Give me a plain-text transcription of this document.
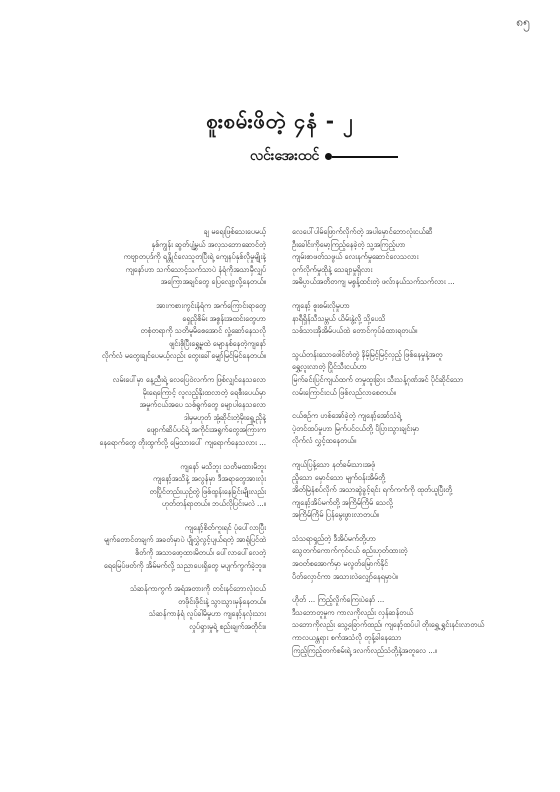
၈၅
စူးစမ်းဖိတဲ့ ၄နံ - ၂
လင်းအေးထင်
ချ မရေးဖြစ်သေးပေမယ့်
နှစ်ကျွန်း ဆွတ်ပျံ့မွှယ် အလှသဘောဆောင်တဲ့
ကဗျာတပုဒ်ကို ရန္တိုင်လေသူတပြီးရဲ့ ကျေနပ်နှစ်လိုမှုမျိုးနဲ့
ကျနော်ဟာ သက်သောင့်သက်သာပဲ နံရံကိုအသာမှီလျှပ်
အကြောအချင်တွေ ပြေလျော့လို့နေတယ်။
အားကစားကွင်းနံရံက အက်ကြောင်းရာတွေ
ရှေညိုစိမ်း အစွန်းအထင်းတွေဟာ
တစုံတရာကို သတိမူမိစေအောင် လှုံ့ဆော်နေသလို
ဖျင်းစိုပြီးရွှေ့မှုထဲ မျောနစ်နေတဲ့ကျနော်
လိုက်လံ မတွေးချင်ပေမယ့်လည်း တွေးခေါ်မျှော်မြင်မြင်နေတယ်။
လမ်းပေါ်မှာ နေ့ညီးရဲ့ လေပြေဝဲလက်က ဖြစ်လျှင်နေသလော
မိုးရေကြောင့် လူလည့်နိုးထလာတဲ့ ရေစီးပေယ်မှာ
အမှုက်ငယ်အပေ သစ်ရွက်တွေ မျောပါနေသလော
ဒါမှမဟုတ် အုံ့ဆိုင်းတဲ့မိုးရွေ့ညိုနဲ့
ဖျောက်ဆိပ်ပင်ရဲ့ အကိုင်းအရွက်တွေအကြားက
နေရောက်တွေ တိုးထွက်လို့ မြေသားပေါ် ကျရောက်နေသလား ...
ကျနော် မသိဘူး သတိမထားမိဘူး
ကျနော့်အသိနဲ့ အလွန်မှာ ဒီအရာတွေအားလုံး
တပြိုင်တည်းယှဉ်တွဲ ဖြစ်ထွန်းနေခြင်းမျိုးလည်း
ဟုတ်တန်ရာတယ်။ ဘယ်လိုပြင်းမလဲ ...။
ကျနော့်စိတ်ကူးရင် ပုံပေါ်လာပြီး
မျက်တောင်တချက် အခတ်မှာပဲ ပျိုလွှဲလွင့်ပျယ်ရတဲ့ အာရုံပြင်ထဲ
စိတ်ကို အသာဖော့ထားမိတယ်၊ ပေါ်လာပေါ်လေတဲ့
ရေမြေပ်ဖတ်ကို အိမ်မက်လို့ သညာပေးရှိတွေ မပျက်ကွက်ခဲ့ဘူး။
သံဆန်ကာကွက် အရံအတားကို တင်းနင်ဘောလုံးငယ်
တဖိုင်းဖိုင်းနဲ့ သွားသွားမှန်နေတယ်။
သံဆန်ကာနံရံ လူပ်ခါမိမှုဟာ ကျနော့်နလုံးသား
လှုပ်ရှားမှုရဲ့ စည်းချက်အတိုင်း။
လေပေါ်ပါမ်ဖြောက်လိုက်တဲ့ အပါမှောင်ဘောလုံးငယ်ဆီ
ဦးခေါင်းကိုမော့ကြည့်နေခဲ့တဲ့ သူ့အကြည့်ဟာ
ကျမ်းစာဖတ်သဖွယ် လေးနက်မှုဆောင်လေသလား
ဝုက်လိုက်မှုထိုနဲ့ သေချာမှုရှိလား
အဓိပ္ပာယ်အတိတကျ မစွန့်ထင်းတဲ့ ဖလ်ာနယ်သက်သက်လား ...
ကျနော့် စူးစမ်းလိုမှုဟာ
နာရီရှိန်သီသမ္ဘယ် ယိမ်းနွဲ့လို့ သို့ပေသိ
သစ်သားအိုအိမ်ပယ်ထဲ တောင်ကုပ်ခံထားရတယ်။
သွယ်တန်းသောဖေါင်တံတွဲ နိမ့်မြင့်မြင့်လှည့် ဖြစ်နေမှုနဲ့အတူ
ရွှေ့လူးလာတဲ့ ပြိုင်သီးငယ်ဟာ
မြက်ခင်းပြင်ကျယ်ထက် တမှုထူးခြား သီးသန့်ဂုဏ်အင် ပိုင်ဆိုင်သော
လမ်းကြောင်းငယ် ဖြစ်လည်လာစေတယ်။
ငယ်စဉ်က ဟစ်အော်ခဲ့တဲ့ ကျနော့်အော်သံရဲ့
ပဲ့တင်ထပ်မှုဟာ မြက်ပင်ငယ်တို့ ပိပြားသွားချင်းမှာ
လိုက်လံ လွှင့်ထနေတယ်။
ကျယ်ပြန့်သော နတ်ခမ်းသားအဖုံ
ညှိုသော မှောင်သော မျက်ဝန်းအိမ်တို့
အိတ်မြဲနံစပ်လိုက် အသာဆွဲခွင့်ရင်း ရက်ကက်ကို ထုတ်ယူပြီးတို့
ကျနော့်အိပ်မက်တို့ အကြိမ်ကြိမ် သေလို့
အကြိမ်ကြိမ် ပြန်မွေးဖွားလာတယ်။
သံသရာရှည်တဲ့ ဒီအိပ်မက်တို့ဟာ
သွေတက်ကောက်ကုဝ်ငယ် စည်းဟုတ်ထားတဲ့
အဝတ်စအောက်မှာ မလွတ်မြောက်နိုင်
ပိတ်လှောင်ကာ အသားလဲလျှော်နေရမှာပဲ။
ဟိုတ် ... ကြည့်လှိုက်ကြေးပဲနော် ...
ဒီသဘောတူမှုက ကာလကိုလည်း လှန်ဆန်တယ်
သဘောကိုလည်း သွေ့ခြောက်ထည်၊ ကျနော့်ထပ်ပါ တိုးရွှေ့ ရွှင်းနင်းလာတယ်
ကာလယန္တရား စက်အသံလို တုန့်ခါနေသော
ကြည့်ကြည့်တက်စမ်းရဲ့ ဒလက်လည်သံတို့နဲ့အတူလေ ...။
